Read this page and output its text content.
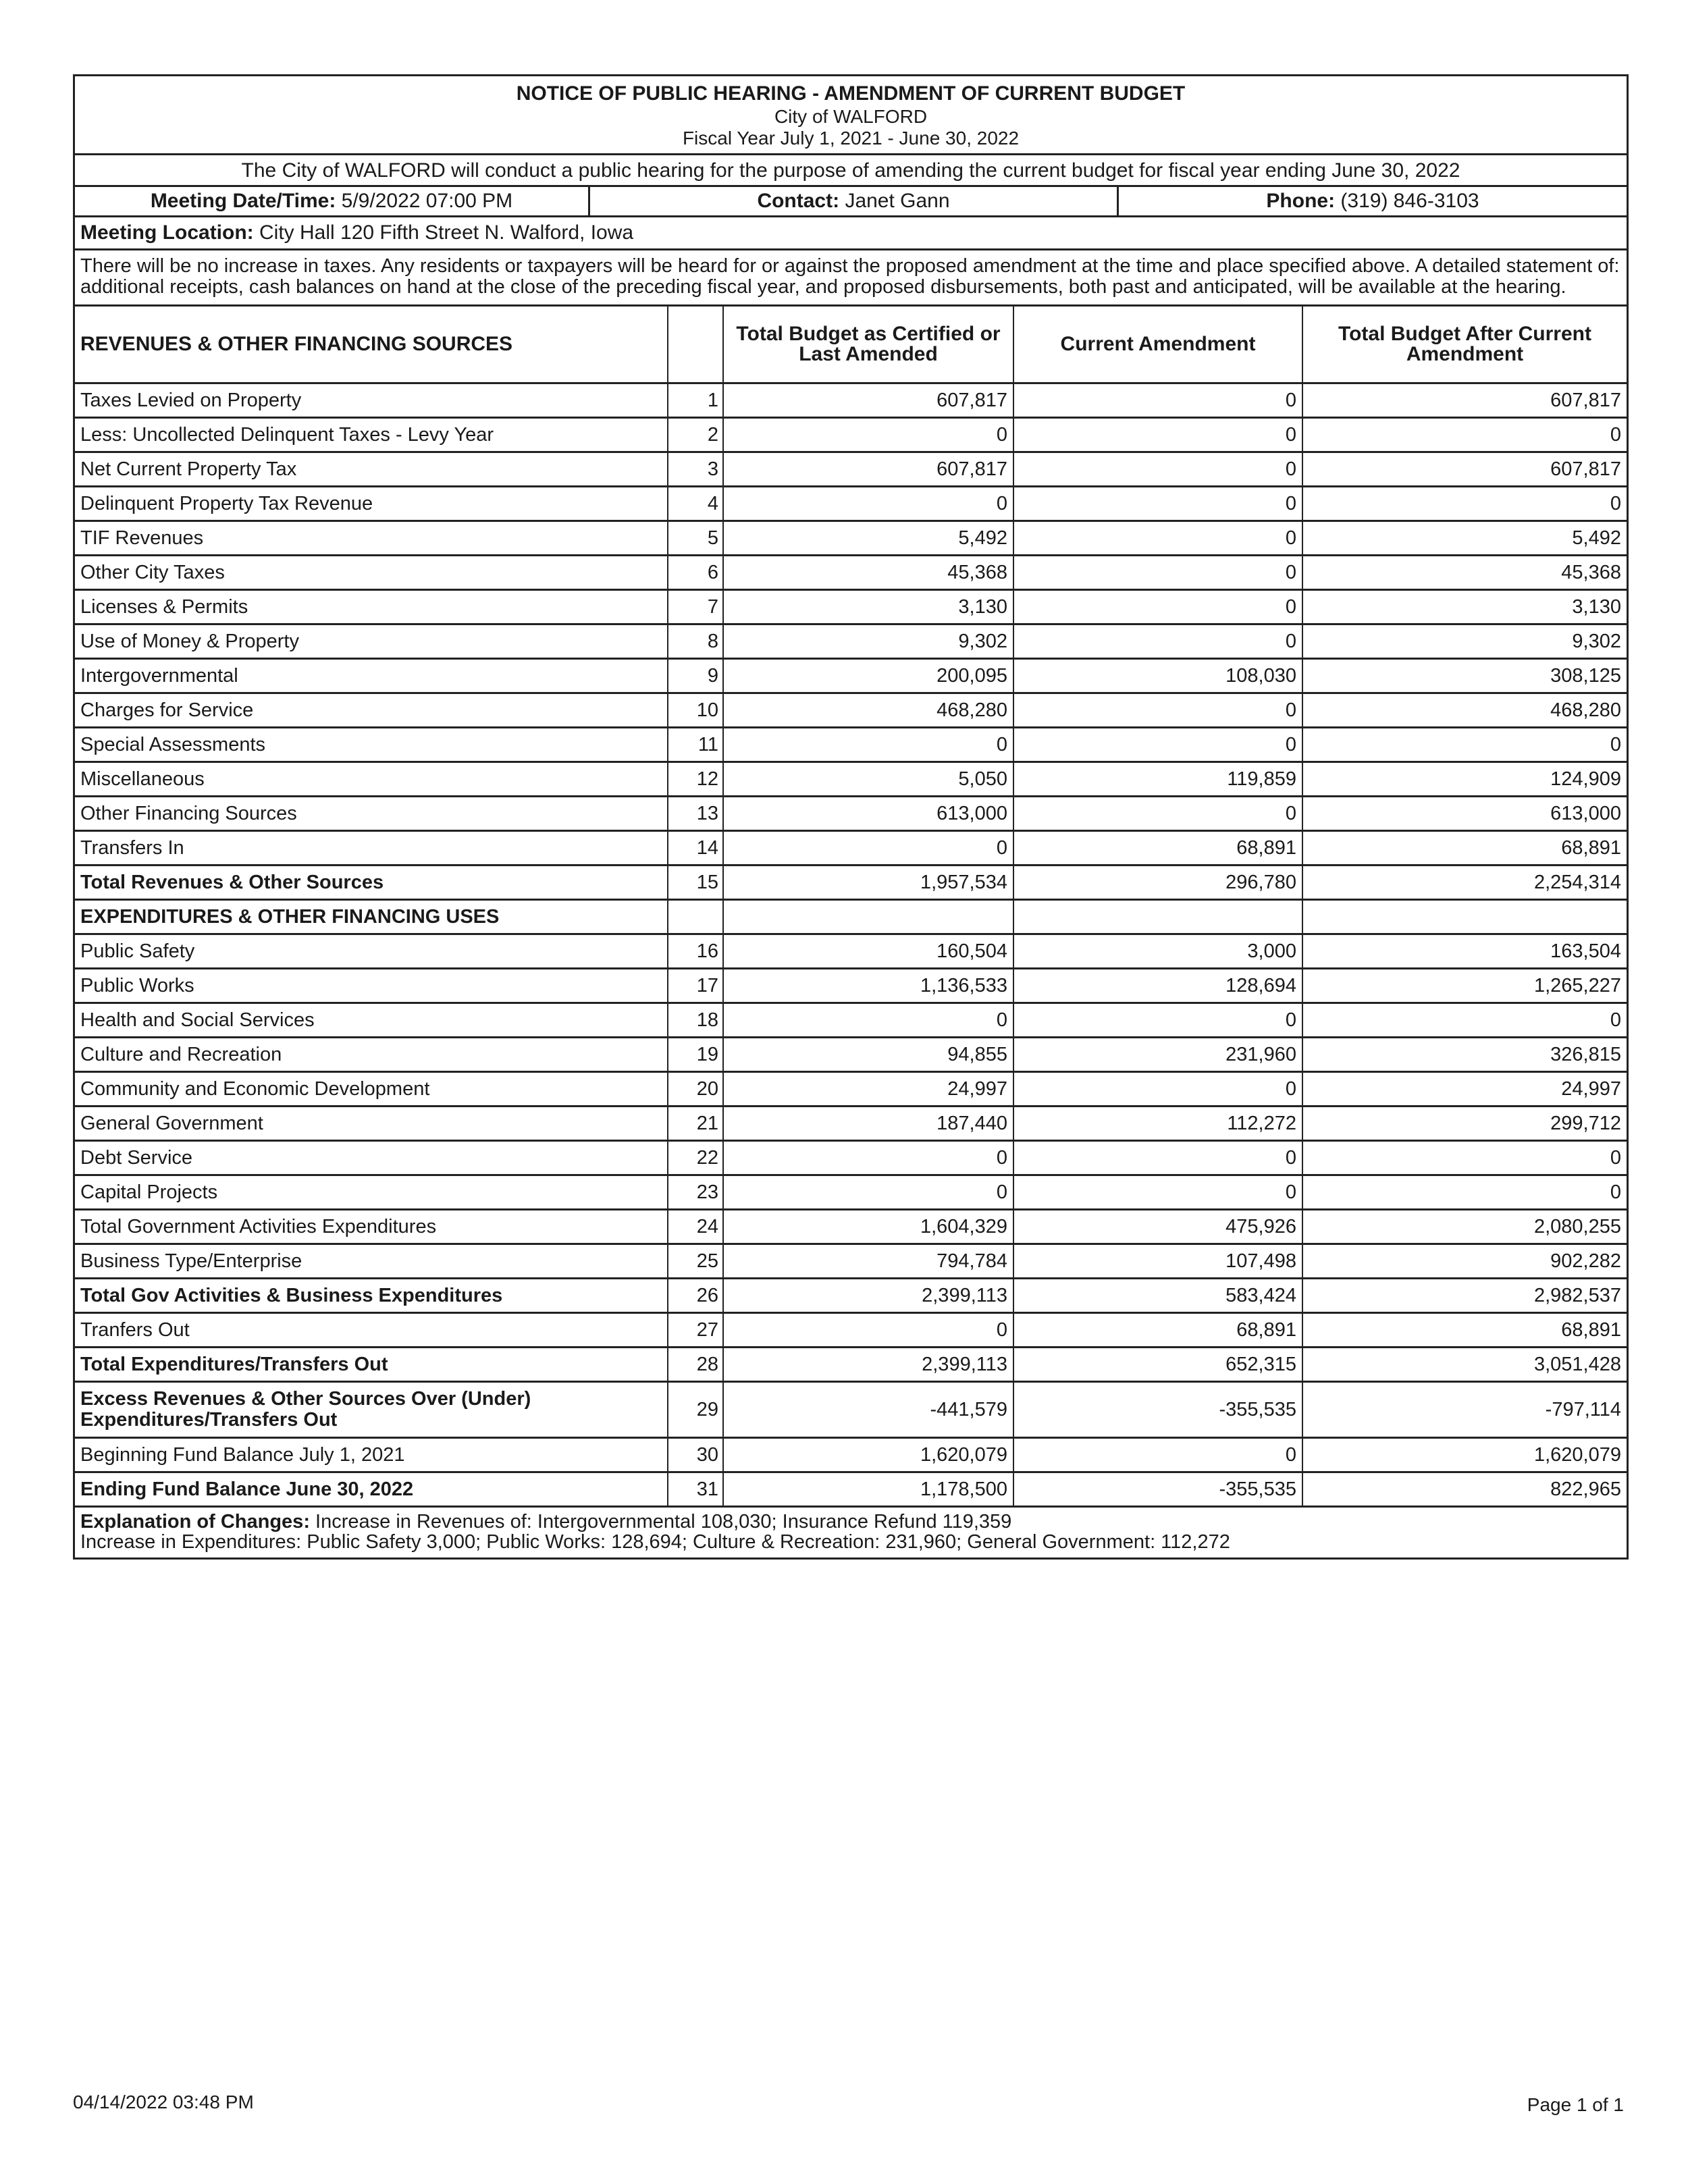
NOTICE OF PUBLIC HEARING - AMENDMENT OF CURRENT BUDGET
City of WALFORD
Fiscal Year July 1, 2021 - June 30, 2022
The City of WALFORD will conduct a public hearing for the purpose of amending the current budget for fiscal year ending June 30, 2022
Meeting Date/Time: 5/9/2022 07:00 PM	Contact: Janet Gann	Phone: (319) 846-3103
Meeting Location: City Hall 120 Fifth Street N. Walford, Iowa
There will be no increase in taxes. Any residents or taxpayers will be heard for or against the proposed amendment at the time and place specified above. A detailed statement of: additional receipts, cash balances on hand at the close of the preceding fiscal year, and proposed disbursements, both past and anticipated, will be available at the hearing.
REVENUES & OTHER FINANCING SOURCES		Total Budget as Certified or Last Amended	Current Amendment	Total Budget After Current Amendment
Taxes Levied on Property	1	607,817	0	607,817
Less: Uncollected Delinquent Taxes - Levy Year	2	0	0	0
Net Current Property Tax	3	607,817	0	607,817
Delinquent Property Tax Revenue	4	0	0	0
TIF Revenues	5	5,492	0	5,492
Other City Taxes	6	45,368	0	45,368
Licenses & Permits	7	3,130	0	3,130
Use of Money & Property	8	9,302	0	9,302
Intergovernmental	9	200,095	108,030	308,125
Charges for Service	10	468,280	0	468,280
Special Assessments	11	0	0	0
Miscellaneous	12	5,050	119,859	124,909
Other Financing Sources	13	613,000	0	613,000
Transfers In	14	0	68,891	68,891
Total Revenues & Other Sources	15	1,957,534	296,780	2,254,314
EXPENDITURES & OTHER FINANCING USES				
Public Safety	16	160,504	3,000	163,504
Public Works	17	1,136,533	128,694	1,265,227
Health and Social Services	18	0	0	0
Culture and Recreation	19	94,855	231,960	326,815
Community and Economic Development	20	24,997	0	24,997
General Government	21	187,440	112,272	299,712
Debt Service	22	0	0	0
Capital Projects	23	0	0	0
Total Government Activities Expenditures	24	1,604,329	475,926	2,080,255
Business Type/Enterprise	25	794,784	107,498	902,282
Total Gov Activities & Business Expenditures	26	2,399,113	583,424	2,982,537
Tranfers Out	27	0	68,891	68,891
Total Expenditures/Transfers Out	28	2,399,113	652,315	3,051,428
Excess Revenues & Other Sources Over (Under) Expenditures/Transfers Out	29	-441,579	-355,535	-797,114
Beginning Fund Balance July 1, 2021	30	1,620,079	0	1,620,079
Ending Fund Balance June 30, 2022	31	1,178,500	-355,535	822,965
Explanation of Changes: Increase in Revenues of: Intergovernmental 108,030; Insurance Refund 119,359
Increase in Expenditures: Public Safety 3,000; Public Works: 128,694; Culture & Recreation: 231,960; General Government: 112,272
04/14/2022 03:48 PM	Page 1 of 1
